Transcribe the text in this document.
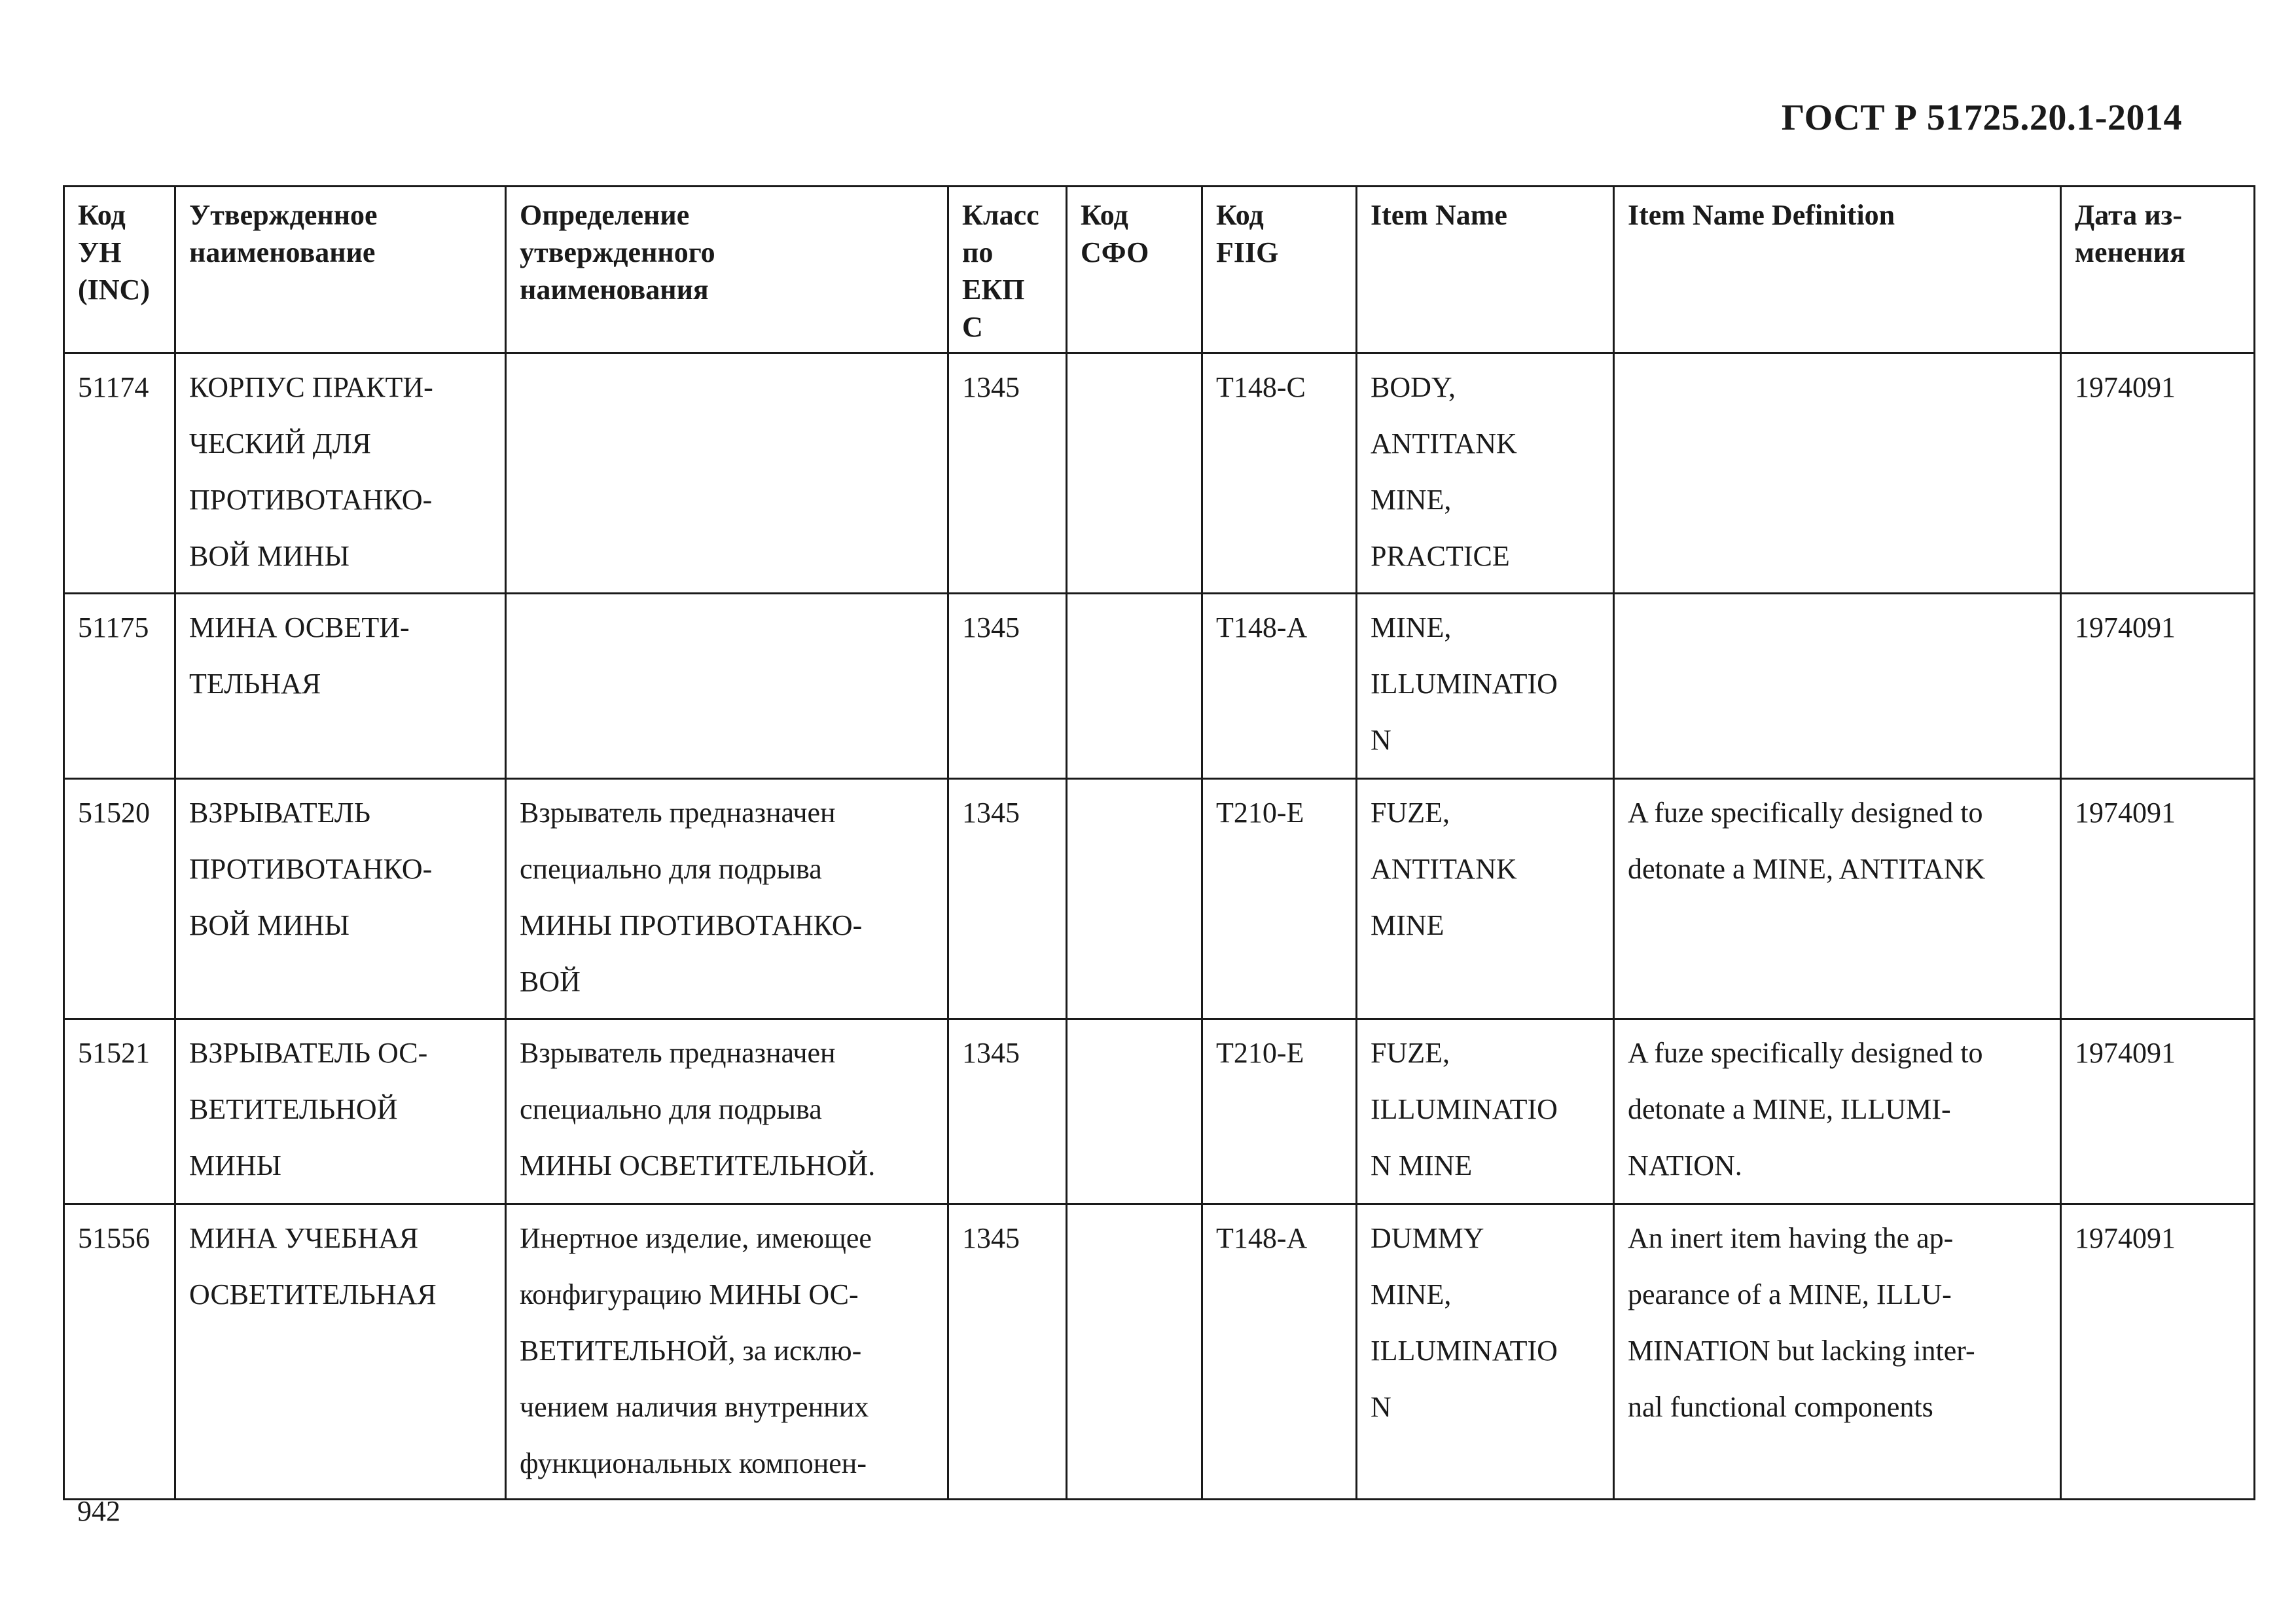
ГОСТ Р 51725.20.1-2014
Код
УН
(INC)	Утвержденное
наименование	Определение
утвержденного
наименования	Класс
по
ЕКП
С	Код
СФО	Код
FIIG	Item Name	Item Name Definition	Дата из-
менения

51174	КОРПУС ПРАКТИ-
ЧЕСКИЙ ДЛЯ
ПРОТИВОТАНКО-
ВОЙ МИНЫ		1345		T148-C	BODY,
ANTITANK
MINE,
PRACTICE		1974091
51175	МИНА ОСВЕТИ-
ТЕЛЬНАЯ		1345		T148-A	MINE,
ILLUMINATIO
N		1974091
51520	ВЗРЫВАТЕЛЬ
ПРОТИВОТАНКО-
ВОЙ МИНЫ	Взрыватель предназначен
специально для подрыва
МИНЫ ПРОТИВОТАНКО-
ВОЙ	1345		T210-E	FUZE,
ANTITANK
MINE	A fuze specifically designed to
detonate a MINE, ANTITANK	1974091
51521	ВЗРЫВАТЕЛЬ ОС-
ВЕТИТЕЛЬНОЙ
МИНЫ	Взрыватель предназначен
специально для подрыва
МИНЫ ОСВЕТИТЕЛЬНОЙ.	1345		T210-E	FUZE,
ILLUMINATIO
N MINE	A fuze specifically designed to
detonate a MINE, ILLUMI-
NATION.	1974091
51556	МИНА УЧЕБНАЯ
ОСВЕТИТЕЛЬНАЯ	Инертное изделие, имеющее
конфигурацию МИНЫ ОС-
ВЕТИТЕЛЬНОЙ, за исклю-
чением наличия внутренних
функциональных компонен-	1345		T148-A	DUMMY
MINE,
ILLUMINATIO
N	An inert item having the ap-
pearance of a MINE, ILLU-
MINATION but lacking inter-
nal functional components	1974091
942
